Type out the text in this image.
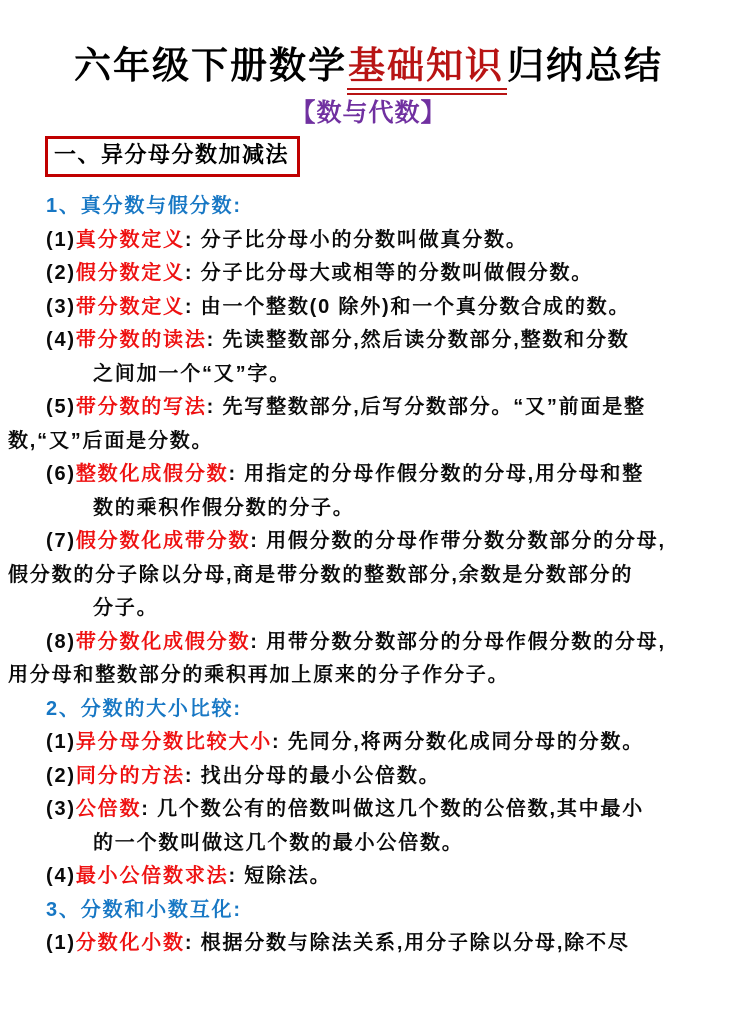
六年级下册数学基础知识归纳总结
【数与代数】
一、异分母分数加减法
1、真分数与假分数:
(1)真分数定义: 分子比分母小的分数叫做真分数。
(2)假分数定义: 分子比分母大或相等的分数叫做假分数。
(3)带分数定义: 由一个整数(0 除外)和一个真分数合成的数。
(4)带分数的读法: 先读整数部分,然后读分数部分,整数和分数
之间加一个“又”字。
(5)带分数的写法: 先写整数部分,后写分数部分。“又”前面是整
数,“又”后面是分数。
(6)整数化成假分数: 用指定的分母作假分数的分母,用分母和整
数的乘积作假分数的分子。
(7)假分数化成带分数: 用假分数的分母作带分数分数部分的分母,
假分数的分子除以分母,商是带分数的整数部分,余数是分数部分的
分子。
(8)带分数化成假分数: 用带分数分数部分的分母作假分数的分母,
用分母和整数部分的乘积再加上原来的分子作分子。
2、分数的大小比较:
(1)异分母分数比较大小: 先同分,将两分数化成同分母的分数。
(2)同分的方法: 找出分母的最小公倍数。
(3)公倍数: 几个数公有的倍数叫做这几个数的公倍数,其中最小
的一个数叫做这几个数的最小公倍数。
(4)最小公倍数求法: 短除法。
3、分数和小数互化:
(1)分数化小数: 根据分数与除法关系,用分子除以分母,除不尽
